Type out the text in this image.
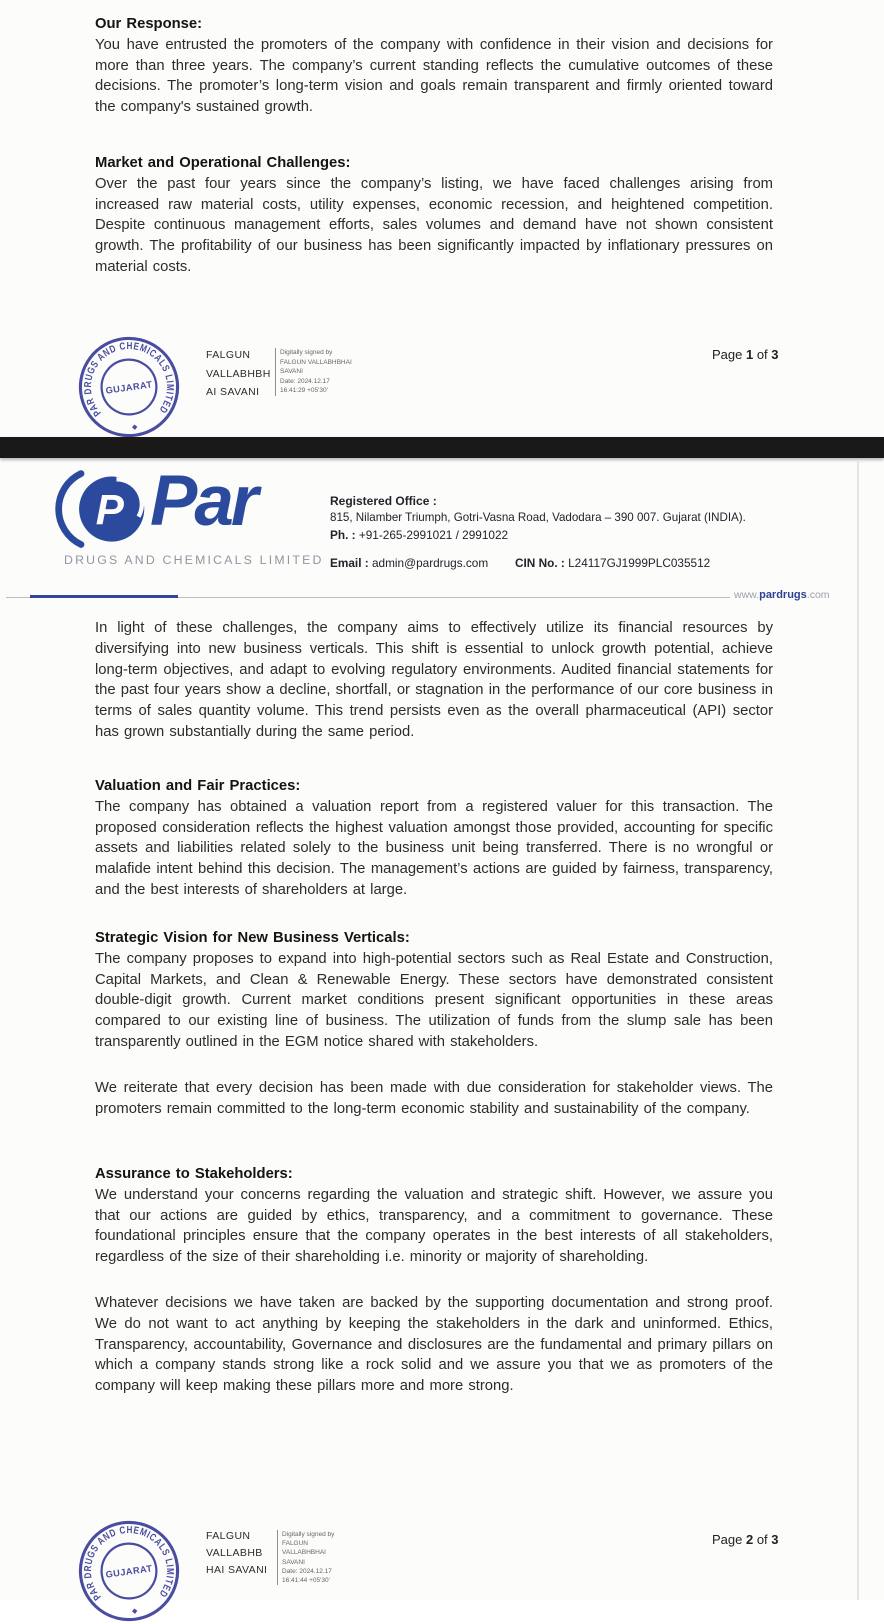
Our Response:

You have entrusted the promoters of the company with confidence in their vision and decisions for more than three years. The company’s current standing reflects the cumulative outcomes of these decisions. The promoter’s long-term vision and goals remain transparent and firmly oriented toward the company's sustained growth.

Market and Operational Challenges:

Over the past four years since the company’s listing, we have faced challenges arising from increased raw material costs, utility expenses, economic recession, and heightened competition. Despite continuous management efforts, sales volumes and demand have not shown consistent growth. The profitability of our business has been significantly impacted by inflationary pressures on material costs.

PAR DRUGS AND CHEMICALS LIMITED
GUJARAT
◆
FALGUN
VALLABHBH
AI SAVANI
Digitally signed by
FALGUN VALLABHBHAI
SAVANI
Date: 2024.12.17
16:41:29 +05'30'
Page 1 of 3
P Par
DRUGS AND CHEMICALS LIMITED
Registered Office :
815, Nilamber Triumph, Gotri-Vasna Road, Vadodara – 390 007. Gujarat (INDIA).
Ph. : +91-265-2991021 / 2991022
Email : admin@pardrugs.com CIN No. : L24117GJ1999PLC035512
www.pardrugs.com

In light of these challenges, the company aims to effectively utilize its financial resources by diversifying into new business verticals. This shift is essential to unlock growth potential, achieve long-term objectives, and adapt to evolving regulatory environments. Audited financial statements for the past four years show a decline, shortfall, or stagnation in the performance of our core business in terms of sales quantity volume. This trend persists even as the overall pharmaceutical (API) sector has grown substantially during the same period.

Valuation and Fair Practices:

The company has obtained a valuation report from a registered valuer for this transaction. The proposed consideration reflects the highest valuation amongst those provided, accounting for specific assets and liabilities related solely to the business unit being transferred. There is no wrongful or malafide intent behind this decision. The management’s actions are guided by fairness, transparency, and the best interests of shareholders at large.

Strategic Vision for New Business Verticals:

The company proposes to expand into high-potential sectors such as Real Estate and Construction, Capital Markets, and Clean & Renewable Energy. These sectors have demonstrated consistent double-digit growth. Current market conditions present significant opportunities in these areas compared to our existing line of business. The utilization of funds from the slump sale has been transparently outlined in the EGM notice shared with stakeholders.

We reiterate that every decision has been made with due consideration for stakeholder views. The promoters remain committed to the long-term economic stability and sustainability of the company.

Assurance to Stakeholders:

We understand your concerns regarding the valuation and strategic shift. However, we assure you that our actions are guided by ethics, transparency, and a commitment to governance. These foundational principles ensure that the company operates in the best interests of all stakeholders, regardless of the size of their shareholding i.e. minority or majority of shareholding.

Whatever decisions we have taken are backed by the supporting documentation and strong proof. We do not want to act anything by keeping the stakeholders in the dark and uninformed. Ethics, Transparency, accountability, Governance and disclosures are the fundamental and primary pillars on which a company stands strong like a rock solid and we assure you that we as promoters of the company will keep making these pillars more and more strong.

PAR DRUGS AND CHEMICALS LIMITED
GUJARAT
◆
FALGUN
VALLABHB
HAI SAVANI
Digitally signed by
FALGUN
VALLABHBHAI
SAVANI
Date: 2024.12.17
16:41:44 +05'30'
Page 2 of 3
